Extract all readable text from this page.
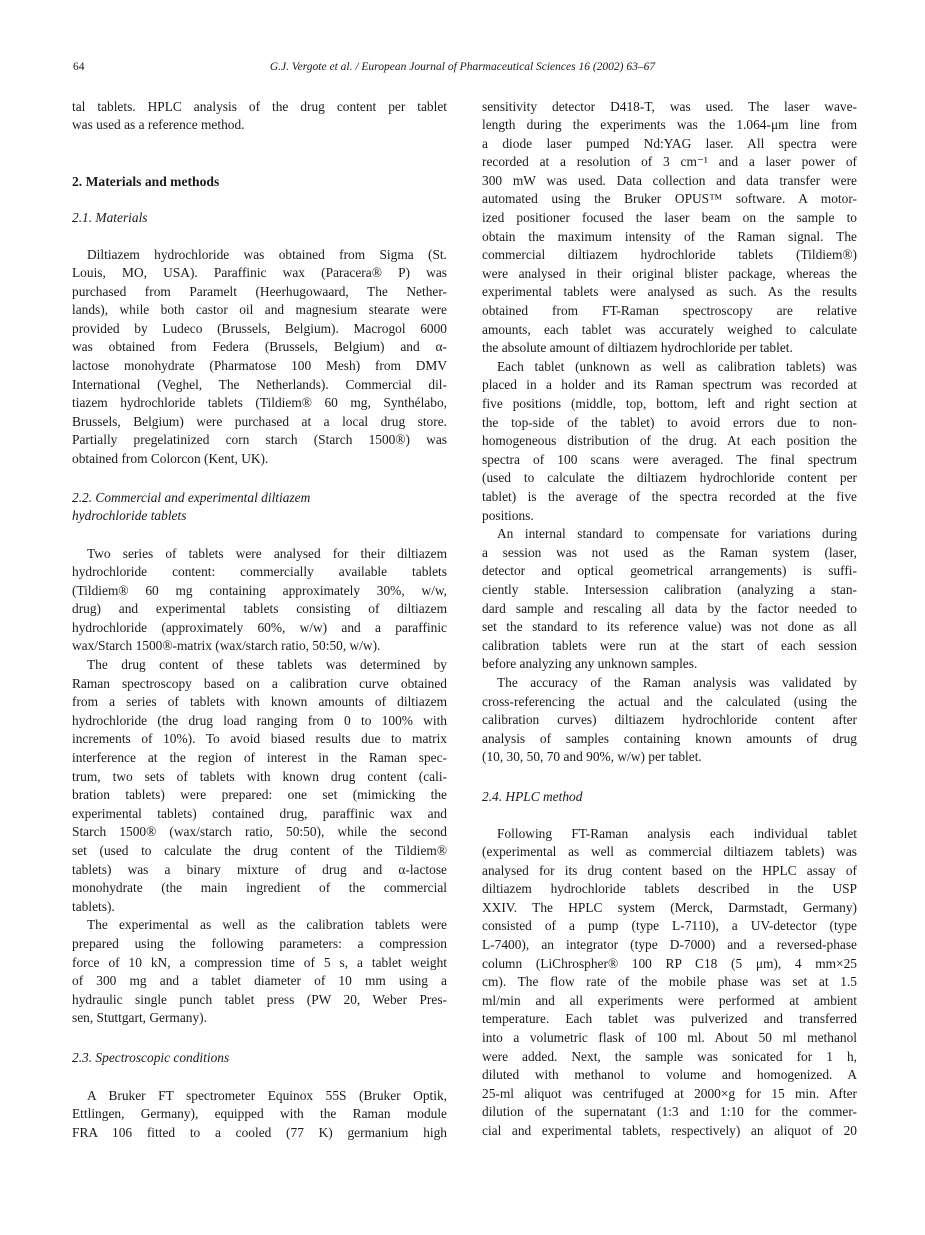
64	G.J. Vergote et al. / European Journal of Pharmaceutical Sciences 16 (2002) 63–67
tal tablets. HPLC analysis of the drug content per tablet
was used as a reference method.
2. Materials and methods
2.1. Materials
Diltiazem hydrochloride was obtained from Sigma (St.
Louis, MO, USA). Paraffinic wax (Paracera® P) was
purchased from Paramelt (Heerhugowaard, The Nether-
lands), while both castor oil and magnesium stearate were
provided by Ludeco (Brussels, Belgium). Macrogol 6000
was obtained from Federa (Brussels, Belgium) and α-
lactose monohydrate (Pharmatose 100 Mesh) from DMV
International (Veghel, The Netherlands). Commercial dil-
tiazem hydrochloride tablets (Tildiem® 60 mg, Synthélabo,
Brussels, Belgium) were purchased at a local drug store.
Partially pregelatinized corn starch (Starch 1500®) was
obtained from Colorcon (Kent, UK).
2.2. Commercial and experimental diltiazem
hydrochloride tablets
Two series of tablets were analysed for their diltiazem
hydrochloride content: commercially available tablets
(Tildiem® 60 mg containing approximately 30%, w/w,
drug) and experimental tablets consisting of diltiazem
hydrochloride (approximately 60%, w/w) and a paraffinic
wax/Starch 1500®-matrix (wax/starch ratio, 50:50, w/w).
The drug content of these tablets was determined by
Raman spectroscopy based on a calibration curve obtained
from a series of tablets with known amounts of diltiazem
hydrochloride (the drug load ranging from 0 to 100% with
increments of 10%). To avoid biased results due to matrix
interference at the region of interest in the Raman spec-
trum, two sets of tablets with known drug content (cali-
bration tablets) were prepared: one set (mimicking the
experimental tablets) contained drug, paraffinic wax and
Starch 1500® (wax/starch ratio, 50:50), while the second
set (used to calculate the drug content of the Tildiem®
tablets) was a binary mixture of drug and α-lactose
monohydrate (the main ingredient of the commercial
tablets).
The experimental as well as the calibration tablets were
prepared using the following parameters: a compression
force of 10 kN, a compression time of 5 s, a tablet weight
of 300 mg and a tablet diameter of 10 mm using a
hydraulic single punch tablet press (PW 20, Weber Pres-
sen, Stuttgart, Germany).
2.3. Spectroscopic conditions
A Bruker FT spectrometer Equinox 55S (Bruker Optik,
Ettlingen, Germany), equipped with the Raman module
FRA 106 fitted to a cooled (77 K) germanium high
sensitivity detector D418-T, was used. The laser wave-
length during the experiments was the 1.064-μm line from
a diode laser pumped Nd:YAG laser. All spectra were
recorded at a resolution of 3 cm⁻¹ and a laser power of
300 mW was used. Data collection and data transfer were
automated using the Bruker OPUS™ software. A motor-
ized positioner focused the laser beam on the sample to
obtain the maximum intensity of the Raman signal. The
commercial diltiazem hydrochloride tablets (Tildiem®)
were analysed in their original blister package, whereas the
experimental tablets were analysed as such. As the results
obtained from FT-Raman spectroscopy are relative
amounts, each tablet was accurately weighed to calculate
the absolute amount of diltiazem hydrochloride per tablet.
Each tablet (unknown as well as calibration tablets) was
placed in a holder and its Raman spectrum was recorded at
five positions (middle, top, bottom, left and right section at
the top-side of the tablet) to avoid errors due to non-
homogeneous distribution of the drug. At each position the
spectra of 100 scans were averaged. The final spectrum
(used to calculate the diltiazem hydrochloride content per
tablet) is the average of the spectra recorded at the five
positions.
An internal standard to compensate for variations during
a session was not used as the Raman system (laser,
detector and optical geometrical arrangements) is suffi-
ciently stable. Intersession calibration (analyzing a stan-
dard sample and rescaling all data by the factor needed to
set the standard to its reference value) was not done as all
calibration tablets were run at the start of each session
before analyzing any unknown samples.
The accuracy of the Raman analysis was validated by
cross-referencing the actual and the calculated (using the
calibration curves) diltiazem hydrochloride content after
analysis of samples containing known amounts of drug
(10, 30, 50, 70 and 90%, w/w) per tablet.
2.4. HPLC method
Following FT-Raman analysis each individual tablet
(experimental as well as commercial diltiazem tablets) was
analysed for its drug content based on the HPLC assay of
diltiazem hydrochloride tablets described in the USP
XXIV. The HPLC system (Merck, Darmstadt, Germany)
consisted of a pump (type L-7110), a UV-detector (type
L-7400), an integrator (type D-7000) and a reversed-phase
column (LiChrospher® 100 RP C18 (5 μm), 4 mm×25
cm). The flow rate of the mobile phase was set at 1.5
ml/min and all experiments were performed at ambient
temperature. Each tablet was pulverized and transferred
into a volumetric flask of 100 ml. About 50 ml methanol
were added. Next, the sample was sonicated for 1 h,
diluted with methanol to volume and homogenized. A
25-ml aliquot was centrifuged at 2000×g for 15 min. After
dilution of the supernatant (1:3 and 1:10 for the commer-
cial and experimental tablets, respectively) an aliquot of 20
